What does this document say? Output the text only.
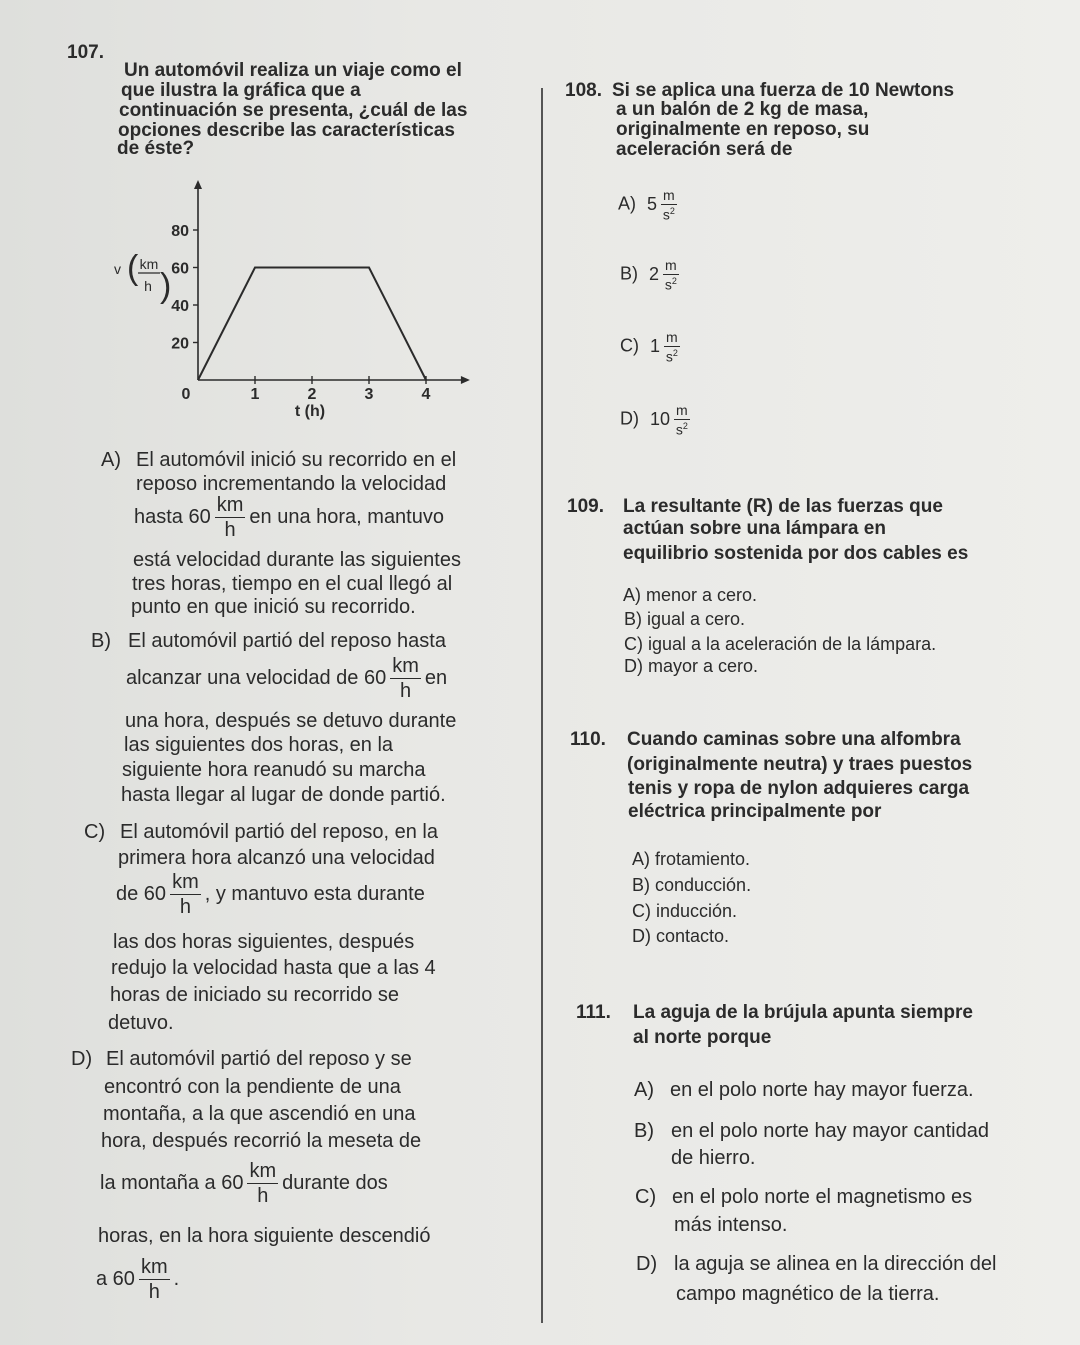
107.
Un automóvil realiza un viaje como el
que ilustra la gráfica que a
continuación se presenta, ¿cuál de las
opciones describe las características
de éste?
20
40
60
80
0	1	2	3	4
t (h)
v ( km
h )
A) El automóvil inició su recorrido en el
reposo incrementando la velocidad
hasta $60 \frac{km}{h}$ en una hora, mantuvo
está velocidad durante las siguientes
tres horas, tiempo en el cual llegó al
punto en que inició su recorrido.
B) El automóvil partió del reposo hasta
alcanzar una velocidad de $60 \frac{km}{h}$ en
una hora, después se detuvo durante
las siguientes dos horas, en la
siguiente hora reanudó su marcha
hasta llegar al lugar de donde partió.
C) El automóvil partió del reposo, en la
primera hora alcanzó una velocidad
de $60 \frac{km}{h}$ , y mantuvo esta durante
las dos horas siguientes, después
redujo la velocidad hasta que a las 4
horas de iniciado su recorrido se
detuvo.
D) El automóvil partió del reposo y se
encontró con la pendiente de una
montaña, a la que ascendió en una
hora, después recorrió la meseta de
la montaña a $60 \frac{km}{h}$ durante dos
horas, en la hora siguiente descendió
a $60 \frac{km}{h}$ .
108. Si se aplica una fuerza de 10 Newtons
a un balón de 2 kg de masa,
originalmente en reposo, su
aceleración será de
A) $5 \frac{m}{s^2}$
B) $2 \frac{m}{s^2}$
C) $1 \frac{m}{s^2}$
D) $10 \frac{m}{s^2}$
109. La resultante (R) de las fuerzas que
actúan sobre una lámpara en
equilibrio sostenida por dos cables es
A) menor a cero.
B) igual a cero.
C) igual a la aceleración de la lámpara.
D) mayor a cero.
110. Cuando caminas sobre una alfombra
(originalmente neutra) y traes puestos
tenis y ropa de nylon adquieres carga
eléctrica principalmente por
A) frotamiento.
B) conducción.
C) inducción.
D) contacto.
111. La aguja de la brújula apunta siempre
al norte porque
A) en el polo norte hay mayor fuerza.
B) en el polo norte hay mayor cantidad
de hierro.
C) en el polo norte el magnetismo es
más intenso.
D) la aguja se alinea en la dirección del
campo magnético de la tierra.
